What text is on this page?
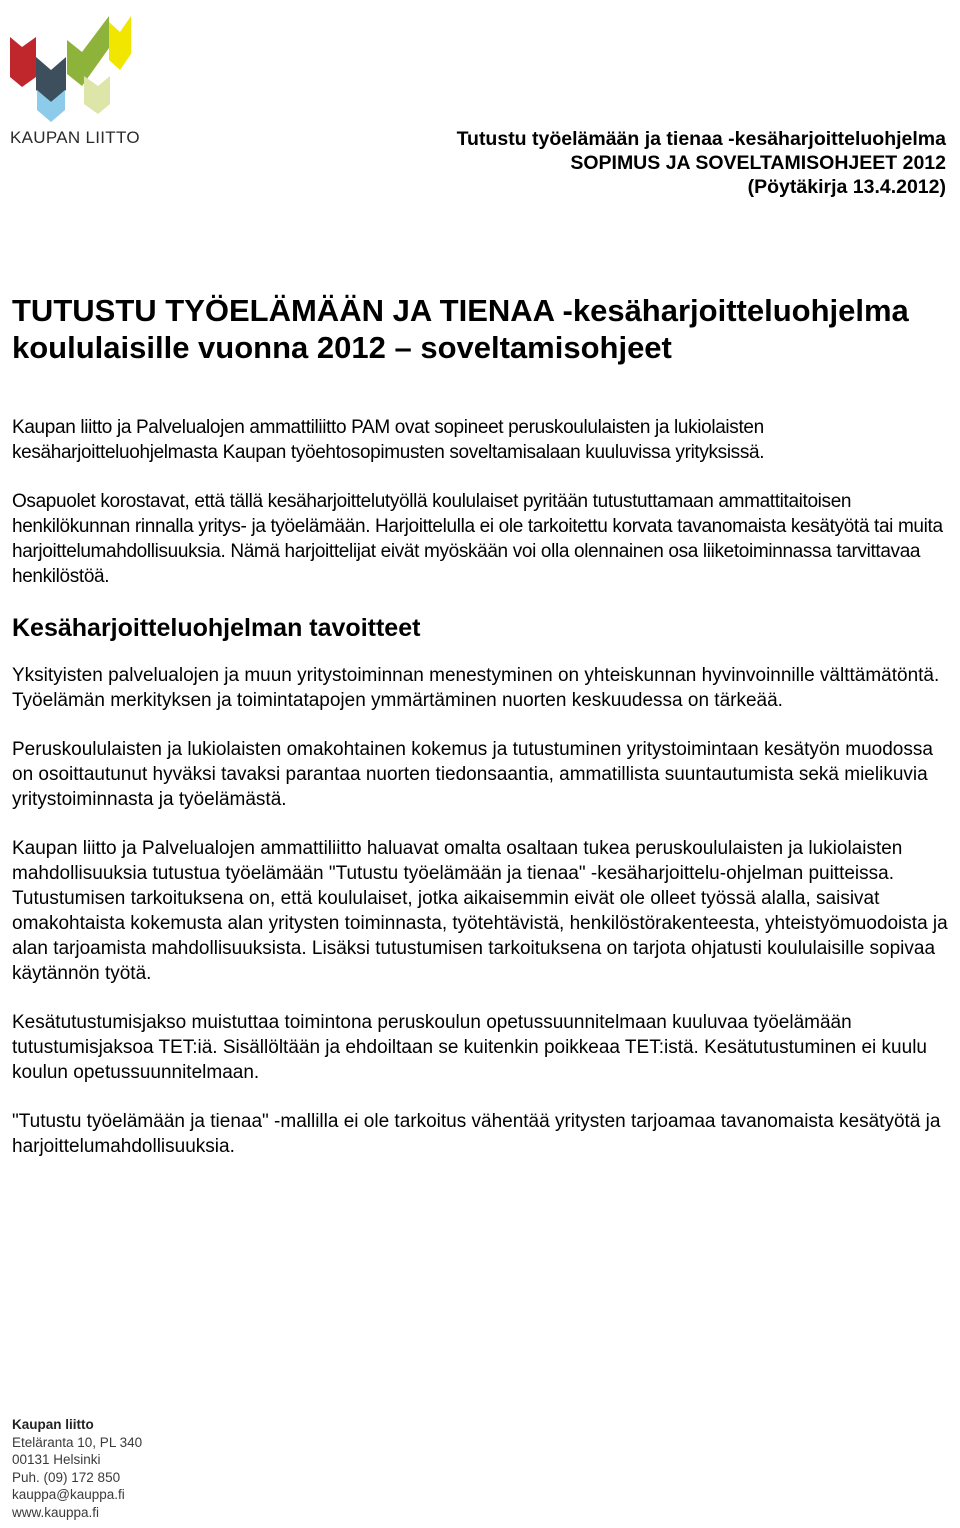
KAUPAN LIITTO	Tutustu työelämään ja tienaa -kesäharjoitteluohjelma
SOPIMUS JA SOVELTAMISOHJEET 2012
(Pöytäkirja 13.4.2012)
TUTUSTU TYÖELÄMÄÄN JA TIENAA -kesäharjoitteluohjelma
koululaisille vuonna 2012 – soveltamisohjeet

Kaupan liitto ja Palvelualojen ammattiliitto PAM ovat sopineet peruskoululaisten ja lukiolaisten kesäharjoitteluohjelmasta Kaupan työehtosopimusten soveltamisalaan kuuluvissa yrityksissä.

Osapuolet korostavat, että tällä kesäharjoittelutyöllä koululaiset pyritään tutustuttamaan ammattitaitoisen henkilökunnan rinnalla yritys- ja työelämään. Harjoittelulla ei ole tarkoitettu korvata tavanomaista kesätyötä tai muita harjoittelumahdollisuuksia. Nämä harjoittelijat eivät myöskään voi olla olennainen osa liiketoiminnassa tarvittavaa henkilöstöä.

Kesäharjoitteluohjelman tavoitteet

Yksityisten palvelualojen ja muun yritystoiminnan menestyminen on yhteiskunnan hyvinvoinnille välttämätöntä. Työelämän merkityksen ja toimintatapojen ymmärtäminen nuorten keskuudessa on tärkeää.

Peruskoululaisten ja lukiolaisten omakohtainen kokemus ja tutustuminen yritystoimintaan kesätyön muodossa on osoittautunut hyväksi tavaksi parantaa nuorten tiedonsaantia, ammatillista suuntautumista sekä mielikuvia yritystoiminnasta ja työelämästä.

Kaupan liitto ja Palvelualojen ammattiliitto haluavat omalta osaltaan tukea peruskoululaisten ja lukiolaisten mahdollisuuksia tutustua työelämään "Tutustu työelämään ja tienaa" -kesäharjoittelu-ohjelman puitteissa. Tutustumisen tarkoituksena on, että koululaiset, jotka aikaisemmin eivät ole olleet työssä alalla, saisivat omakohtaista kokemusta alan yritysten toiminnasta, työtehtävistä, henkilöstörakenteesta, yhteistyömuodoista ja alan tarjoamista mahdollisuuksista. Lisäksi tutustumisen tarkoituksena on tarjota ohjatusti koululaisille sopivaa käytännön työtä.

Kesätutustumisjakso muistuttaa toimintona peruskoulun opetussuunnitelmaan kuuluvaa työelämään tutustumisjaksoa TET:iä. Sisällöltään ja ehdoiltaan se kuitenkin poikkeaa TET:istä. Kesätutustuminen ei kuulu koulun opetussuunnitelmaan.

"Tutustu työelämään ja tienaa" -mallilla ei ole tarkoitus vähentää yritysten tarjoamaa tavanomaista kesätyötä ja harjoittelumahdollisuuksia.

Kaupan liitto
Eteläranta 10, PL 340
00131 Helsinki
Puh. (09) 172 850
kauppa@kauppa.fi
www.kauppa.fi
